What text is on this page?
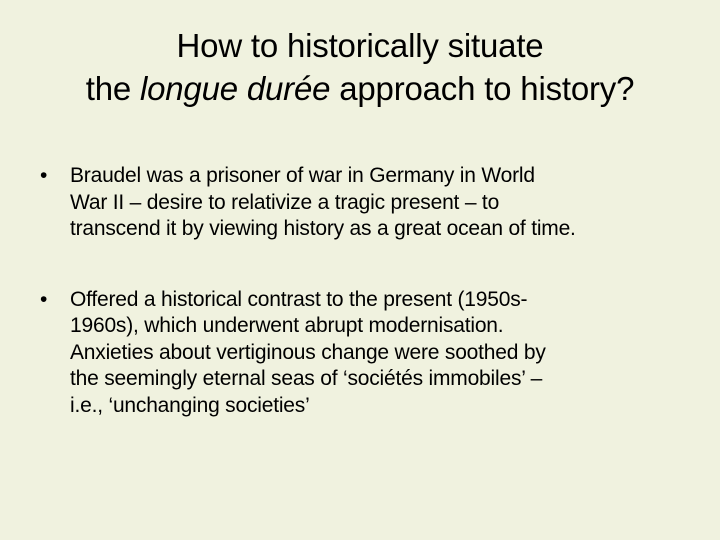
How to historically situate
the longue durée approach to history?
• Braudel was a prisoner of war in Germany in World
War II – desire to relativize a tragic present – to
transcend it by viewing history as a great ocean of time.
• Offered a historical contrast to the present (1950s-
1960s), which underwent abrupt modernisation.
Anxieties about vertiginous change were soothed by
the seemingly eternal seas of ‘sociétés immobiles’ –
i.e., ‘unchanging societies’
